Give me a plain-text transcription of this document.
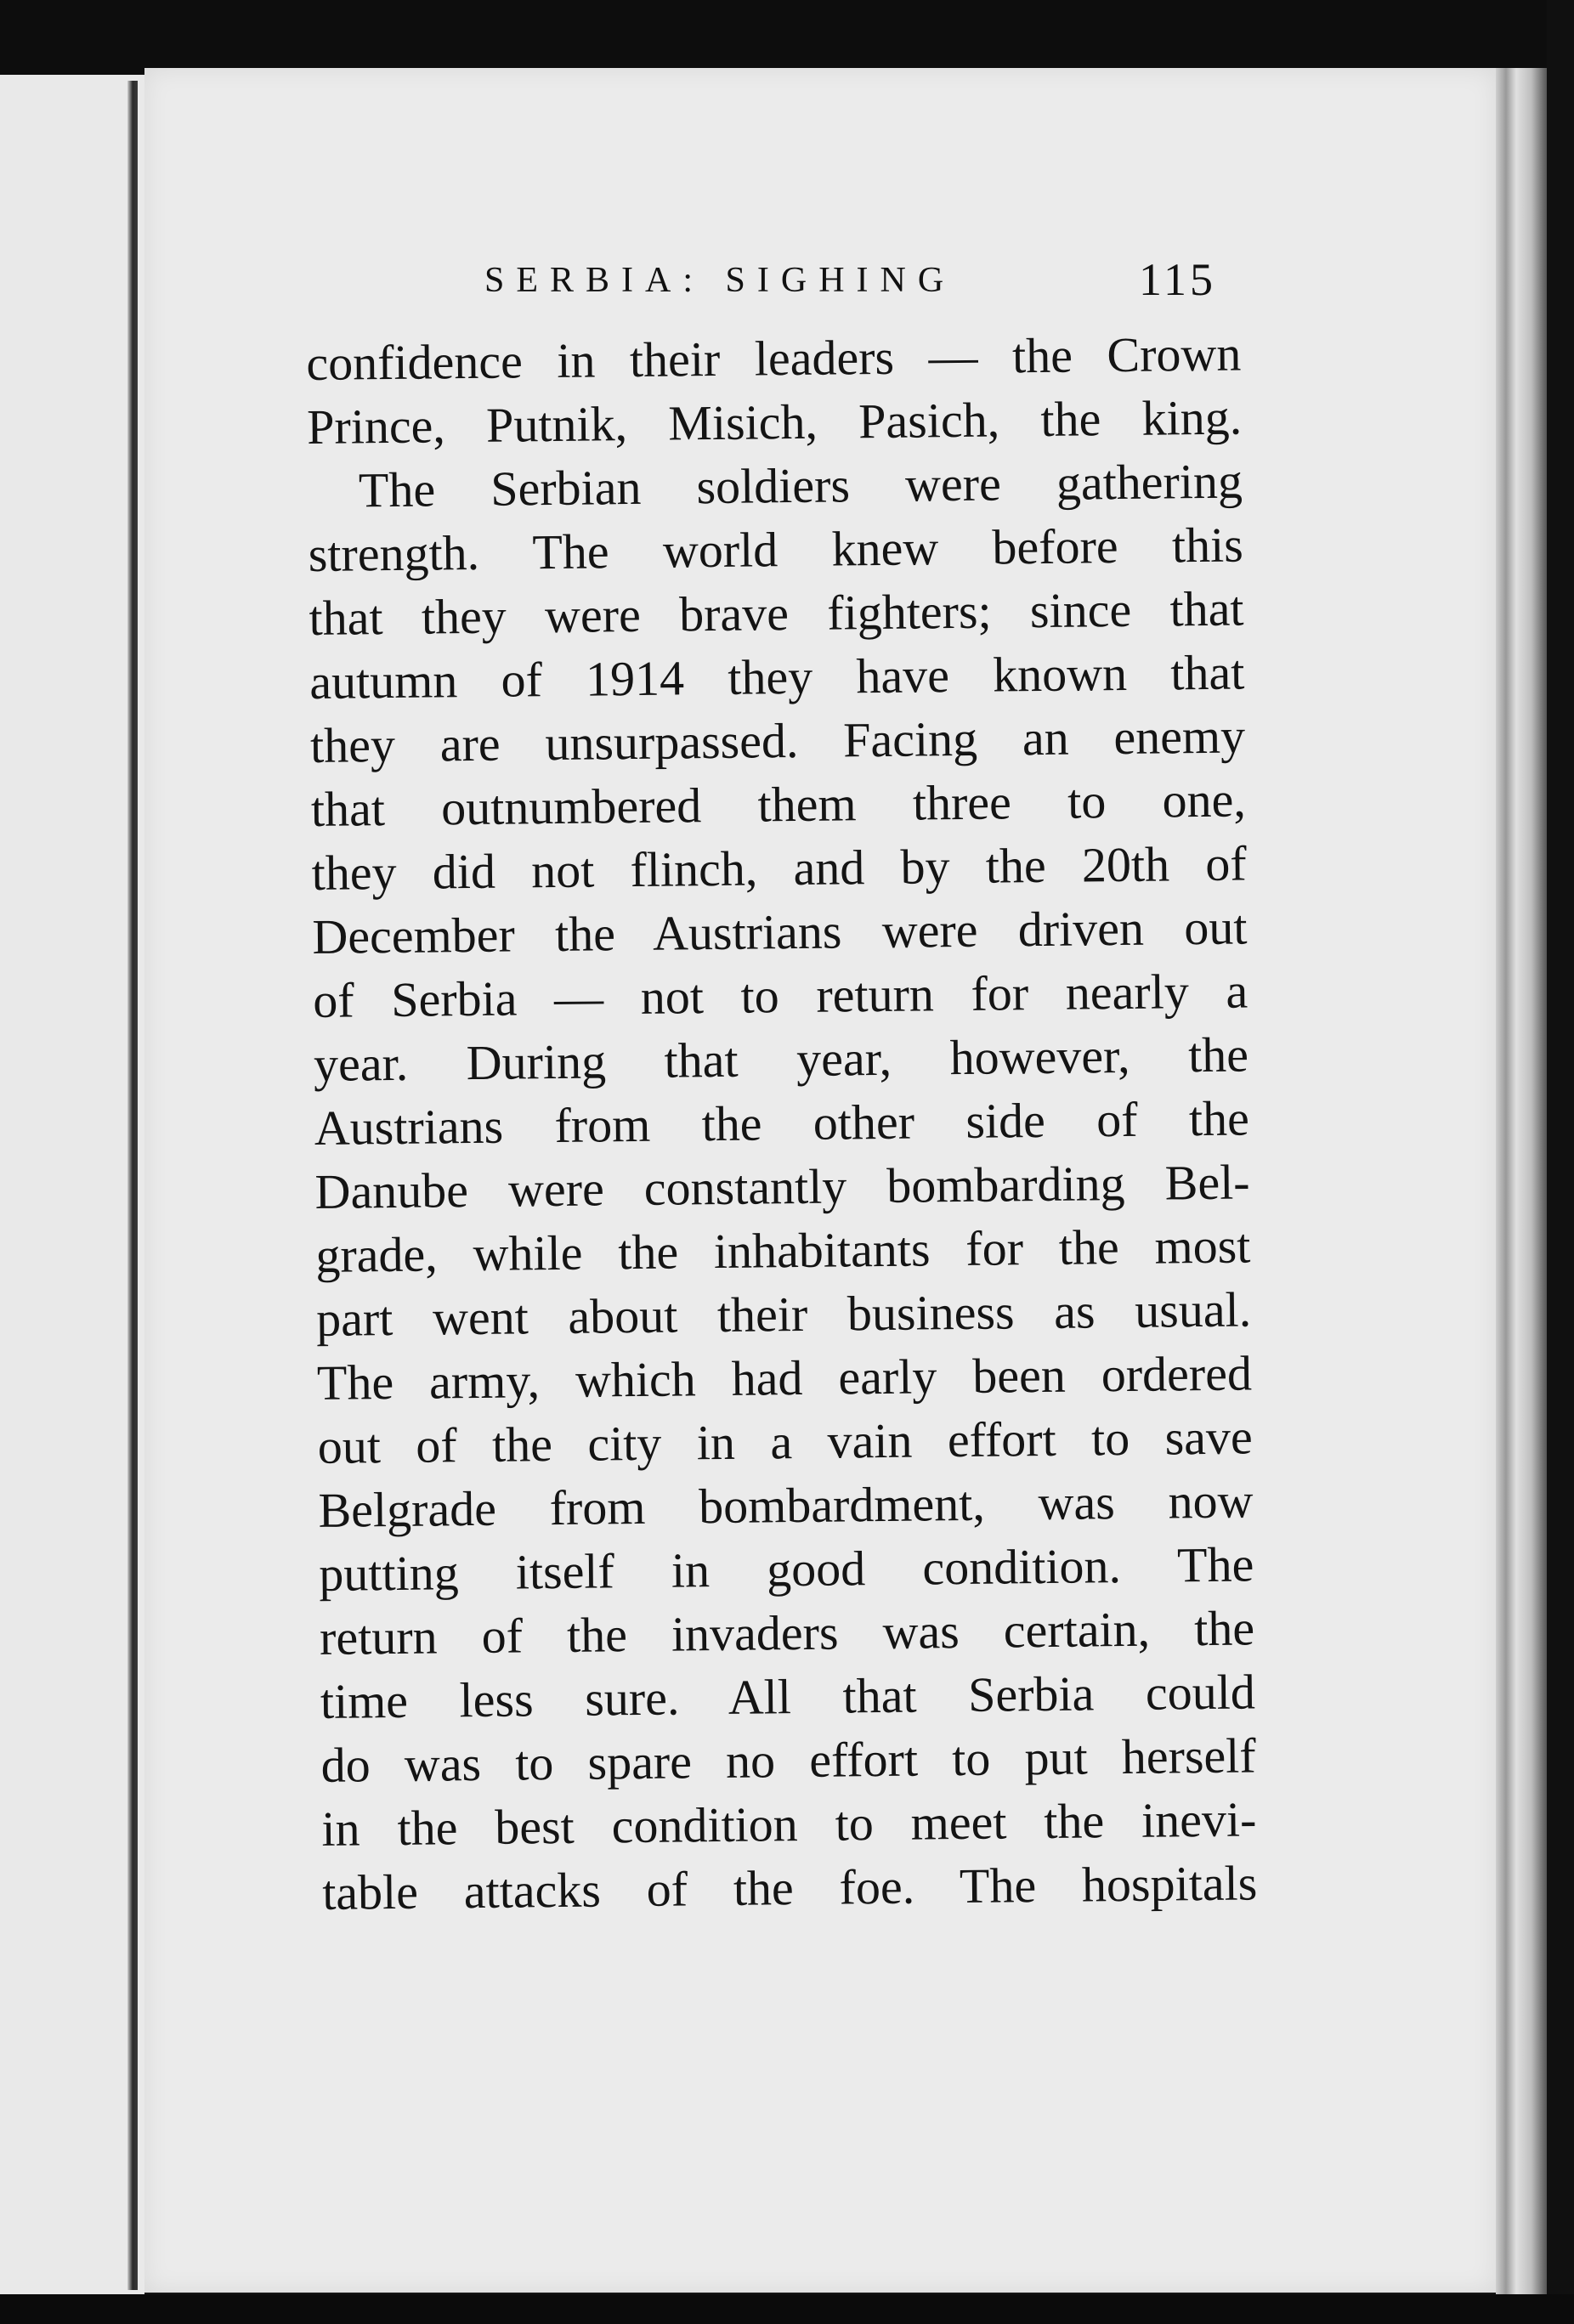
SERBIA: SIGHING	115
confidence in their leaders — the Crown
Prince, Putnik, Misich, Pasich, the king.
The Serbian soldiers were gathering
strength. The world knew before this
that they were brave fighters; since that
autumn of 1914 they have known that
they are unsurpassed. Facing an enemy
that outnumbered them three to one,
they did not flinch, and by the 20th of
December the Austrians were driven out
of Serbia — not to return for nearly a
year. During that year, however, the
Austrians from the other side of the
Danube were constantly bombarding Bel-
grade, while the inhabitants for the most
part went about their business as usual.
The army, which had early been ordered
out of the city in a vain effort to save
Belgrade from bombardment, was now
putting itself in good condition. The
return of the invaders was certain, the
time less sure. All that Serbia could
do was to spare no effort to put herself
in the best condition to meet the inevi-
table attacks of the foe. The hospitals
